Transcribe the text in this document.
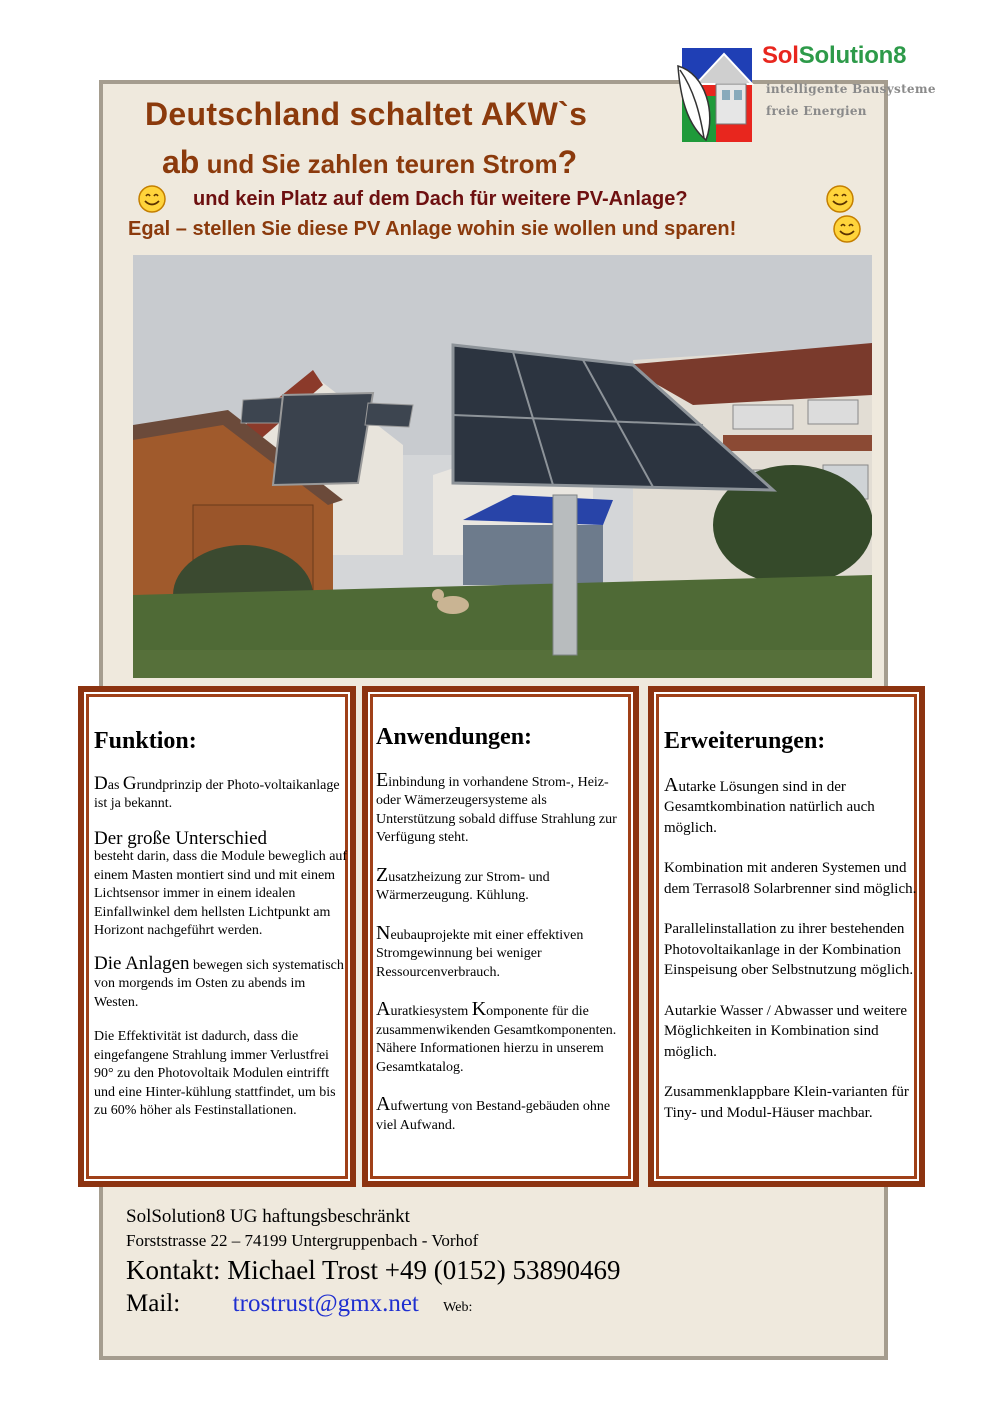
SolSolution8
intelligente Bausysteme
freie Energien
Deutschland schaltet AKW`s
ab und Sie zahlen teuren Strom?
und kein Platz auf dem Dach für weitere PV-Anlage?
Egal – stellen Sie diese PV Anlage wohin sie wollen und sparen!
Funktion:
Das Grundprinzip der Photo-voltaikanlage ist ja bekannt.
Der große Unterschied
besteht darin, dass die Module beweglich auf einem Masten montiert sind und mit einem Lichtsensor immer in einem idealen Einfallwinkel dem hellsten Lichtpunkt am Horizont nachgeführt werden.
Die Anlagen bewegen sich systematisch von morgends im Osten zu abends im Westen.
Die Effektivität ist dadurch, dass die eingefangene Strahlung immer Verlustfrei 90° zu den Photovoltaik Modulen eintrifft und eine Hinter-kühlung stattfindet, um bis zu 60% höher als Festinstallationen.
Anwendungen:
Einbindung in vorhandene Strom-, Heiz- oder Wämerzeugersysteme als Unterstützung sobald diffuse Strahlung zur Verfügung steht.
Zusatzheizung zur Strom- und Wärmerzeugung. Kühlung.
Neubauprojekte mit einer effektiven Stromgewinnung bei weniger Ressourcenverbrauch.
Auratkiesystem Komponente für die zusammenwikenden Gesamtkomponenten.
Nähere Informationen hierzu in unserem Gesamtkatalog.
Aufwertung von Bestand-gebäuden ohne viel Aufwand.
Erweiterungen:
Autarke Lösungen sind in der Gesamtkombination natürlich auch möglich.
Kombination mit anderen Systemen und dem Terrasol8 Solarbrenner sind möglich.
Parallelinstallation zu ihrer bestehenden Photovoltaikanlage in der Kombination Einspeisung ober Selbstnutzung möglich.
Autarkie Wasser / Abwasser und weitere Möglichkeiten in Kombination sind möglich.
Zusammenklappbare Klein-varianten für Tiny- und Modul-Häuser machbar.
SolSolution8 UG haftungsbeschränkt
Forststrasse 22 – 74199 Untergruppenbach - Vorhof
Kontakt: Michael Trost +49 (0152) 53890469
Mail: trostrust@gmx.net Web:
